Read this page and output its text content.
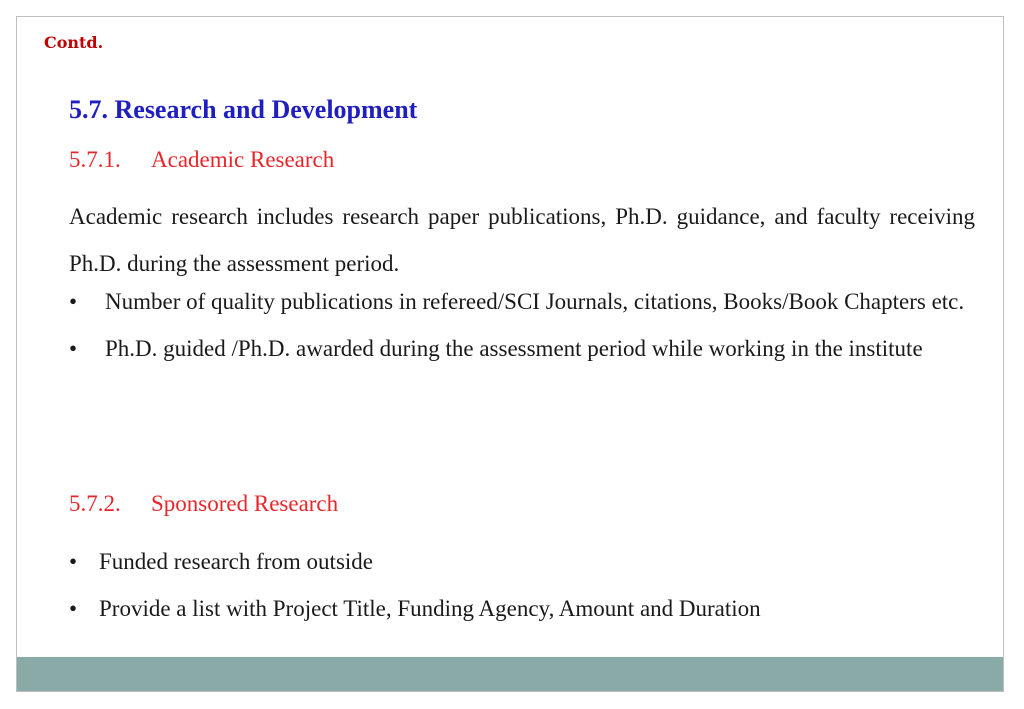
Contd.
5.7. Research and Development
5.7.1. Academic Research

Academic research includes research paper publications, Ph.D. guidance, and faculty receiving Ph.D. during the assessment period.

• Number of quality publications in refereed/SCI Journals, citations, Books/Book Chapters etc.
• Ph.D. guided /Ph.D. awarded during the assessment period while working in the institute
5.7.2. Sponsored Research
• Funded research from outside
• Provide a list with Project Title, Funding Agency, Amount and Duration
